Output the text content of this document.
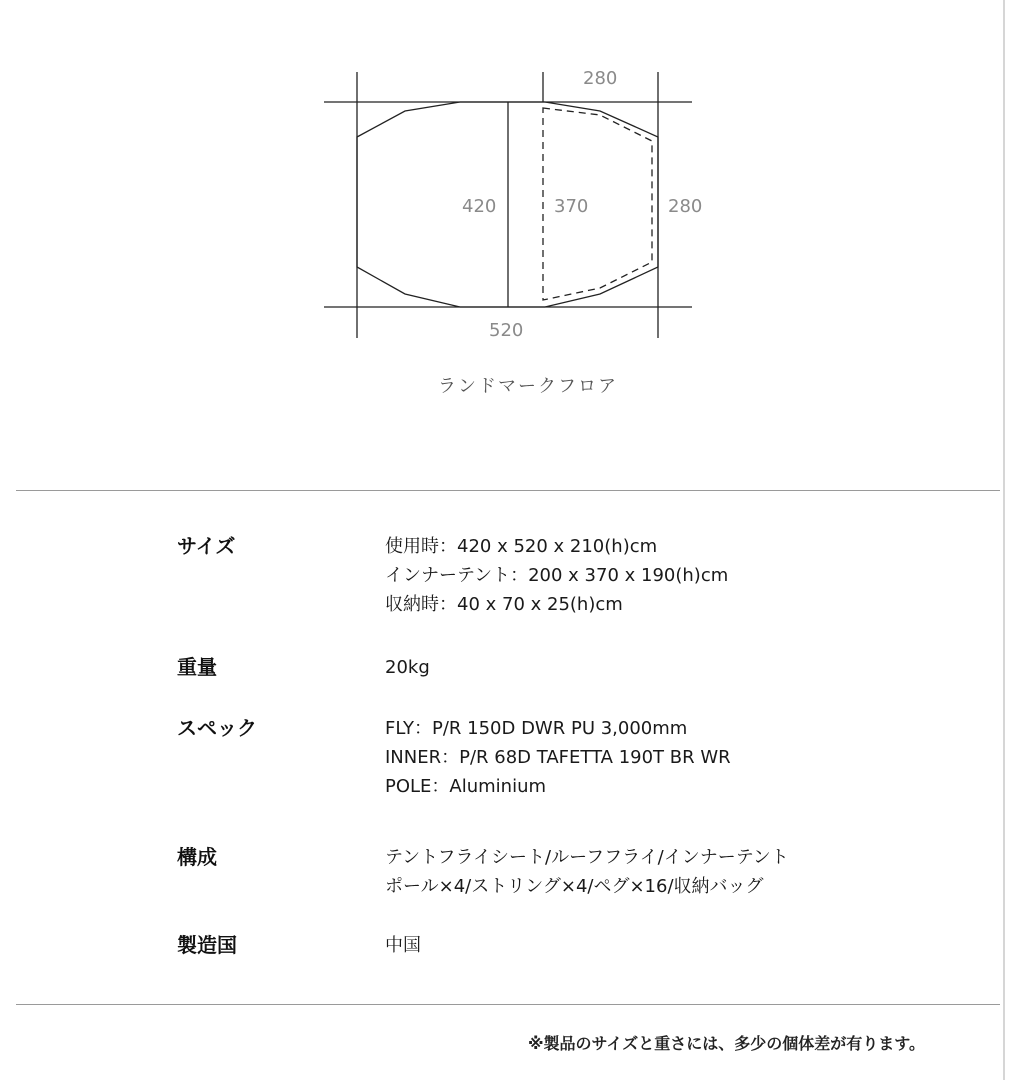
280
280
420	370
520
ランドマークフロア
サイズ	使用時：420 x 520 x 210(h)cm
インナーテント：200 x 370 x 190(h)cm
収納時：40 x 70 x 25(h)cm
重量	20kg
スペック	FLY：P/R 150D DWR PU 3,000mm
INNER：P/R 68D TAFETTA 190T BR WR
POLE：Aluminium
構成	テントフライシート/ルーフフライ/インナーテント
ポール×4/ストリング×4/ペグ×16/収納バッグ
製造国	中国
※製品のサイズと重さには、多少の個体差が有ります。
